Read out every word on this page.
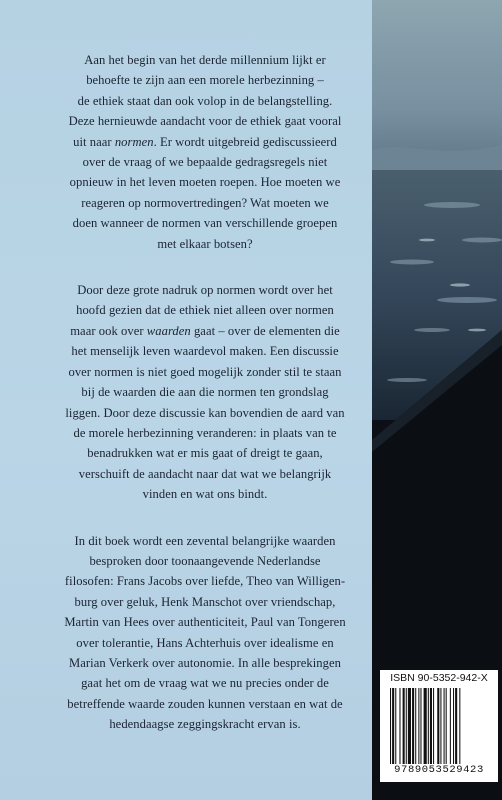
Aan het begin van het derde millennium lijkt er
behoefte te zijn aan een morele herbezinning –
de ethiek staat dan ook volop in de belangstelling.
Deze hernieuwde aandacht voor de ethiek gaat vooral
uit naar normen. Er wordt uitgebreid gediscussieerd
over de vraag of we bepaalde gedragsregels niet
opnieuw in het leven moeten roepen. Hoe moeten we
reageren op normovertredingen? Wat moeten we
doen wanneer de normen van verschillende groepen
met elkaar botsen?
Door deze grote nadruk op normen wordt over het
hoofd gezien dat de ethiek niet alleen over normen
maar ook over waarden gaat – over de elementen die
het menselijk leven waardevol maken. Een discussie
over normen is niet goed mogelijk zonder stil te staan
bij de waarden die aan die normen ten grondslag
liggen. Door deze discussie kan bovendien de aard van
de morele herbezinning veranderen: in plaats van te
benadrukken wat er mis gaat of dreigt te gaan,
verschuift de aandacht naar dat wat we belangrijk
vinden en wat ons bindt.
In dit boek wordt een zevental belangrijke waarden
besproken door toonaangevende Nederlandse
filosofen: Frans Jacobs over liefde, Theo van Willigen-
burg over geluk, Henk Manschot over vriendschap,
Martin van Hees over authenticiteit, Paul van Tongeren
over tolerantie, Hans Achterhuis over idealisme en
Marian Verkerk over autonomie. In alle besprekingen
gaat het om de vraag wat we nu precies onder de
betreffende waarde zouden kunnen verstaan en wat de
hedendaagse zeggingskracht ervan is.
ISBN 90-5352-942-X
9789053529423
